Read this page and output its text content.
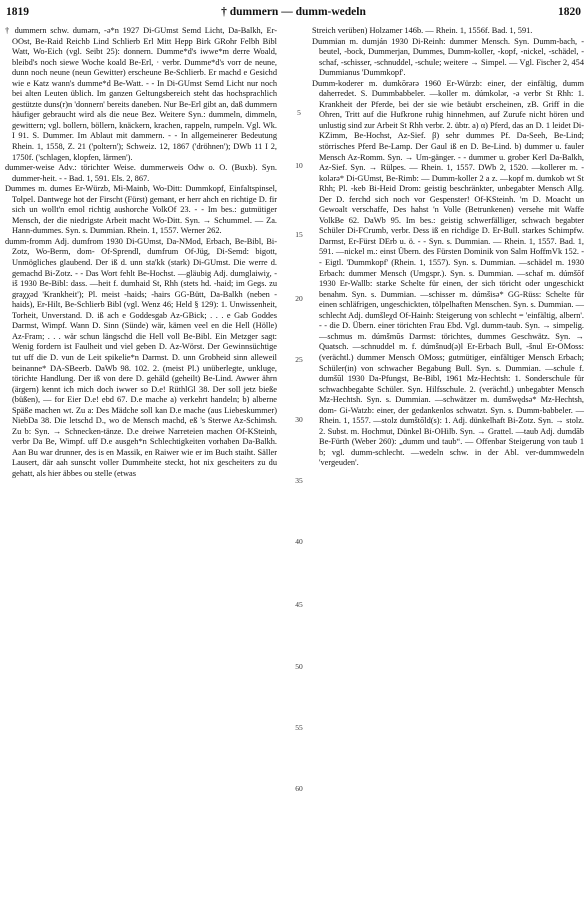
1819	† dummern — dumm-wedeln	1820

† dummern schw. dumərn, -ə*n 1927 Di-GUmst Semd Licht, Da-Balkh, Er-OOst, Be-Raid Reichb Lind Schlierb Erl Mitt Hepp Birk GRohr Felbh Bibl Watt, Wo-Eich (vgl. Seibt 25): donnern. Dumme*d's iwwe*m derre Woald, bleibd's noch siewe Woche koald Be-Erl, · verbr. Dumme*d's vorr de neune, dunn noch neune (neun Gewitter) erscheune Be-Schlierb. Er machd e Gesichd wie e Katz wann's dumme*d Be-Watt. - - In Di-GUmst Semd Licht nur noch bei alten Leuten üblich. Im ganzen Geltungsbereich steht das hochsprachlich gestützte duns(r)n 'donnern' bereits daneben. Nur Be-Erl gibt an, daß dummern häufiger gebraucht wird als die neue Bez. Weitere Syn.: dummeln, dimmeln, gewittern; vgl. bollern, böllern, knäckern, krachen, rappeln, rumpeln. Vgl. Wk. I 91. S. Dummer. Im Ablaut mit dammern. - - In allgemeinerer Bedeutung Rhein. 1, 1558, Z. 21 ('poltern'); Schweiz. 12, 1867 ('dröhnen'); DWb 11 I 2, 1750f. ('schlagen, klopfen, lärmen').

dummer-weise Adv.: törichter Weise. dummerweis Odw o. O. (Buxb). Syn. dummer-heit. - - Bad. 1, 591. Els. 2, 867.

Dummes m. dumes Er-Würzb, Mi-Mainb, Wo-Ditt: Dummkopf, Einfaltspinsel, Tolpel. Dantwege hot der Firscht (Fürst) gemant, er herr ahch en richtige D. fir sich un wollt'n emol richtig aushorche VolkOf 23. - - Im bes.: gutmütiger Mensch, der die niedrigste Arbeit macht Wo-Ditt. Syn. → Schummel. — Za. Hann-dummes. Syn. s. Dummian. Rhein. 1, 1557. Werner 262.

dumm-fromm Adj. dumfrom 1930 Di-GUmst, Da-NMod, Erbach, Be-Bibl, Bi-Zotz, Wo-Berm, dom- Of-Sprendl, dumfrum Of-Jüg, Di-Semd: bigott, Unmögliches glaubend. Der iß d. unn sta'kk (stark) Di-GUmst. Die werre d. gemachd Bi-Zotz. - - Das Wort fehlt Be-Hochst. —gläubig Adj. dumglaiwiχ, -iš 1930 Be-Bibl: dass. —heit f. dumhaid St, Rhh (stets hd. -haid; im Gegs. zu graχχəd 'Krankheit'); Pl. meist -haids; -hairs GG-Bütt, Da-Balkh (neben -haids), Er-Hilt, Be-Schlierb Bibl (vgl. Wenz 46; Held § 129): 1. Unwissenheit, Torheit, Unverstand. D. iß ach e Goddesgab Az-GBick; . . . e Gab Goddes Darmst, Wimpf. Wann D. Sinn (Sünde) wär, kämen veel en die Hell (Hölle) Az-Fram; . . . wär schun längschd die Hell voll Be-Bibl. Ein Metzger sagt: Wenig fordern ist Faulheit und viel geben D. Az-Wörst. Der Gewinnsüchtige tut uff die D. vun de Leit spikelie*n Darmst. D. unn Grobheid sinn alleweil beinanne* DA-SBeerb. DaWb 98. 102. 2. (meist Pl.) unüberlegte, unkluge, törichte Handlung. Der iß von dere D. gehäld (geheilt) Be-Lind. Awwer ährn (ärgern) kennt ich mich doch iwwer so D.e! RüthlGl 38. Der soll jetz bieße (büßen), — for Eier D.e! ebd 67. D.e mache a) verkehrt handeln; b) alberne Späße machen wt. Zu a: Des Mädche soll kan D.e mache (aus Liebeskummer) NiebDa 38. Die letschd D., wo de Mensch machd, eß 's Sterwe Az-Schimsh. Zu b: Syn. → Schnecken-tänze. D.e dreiwe Narreteien machen Of-KSteinh, verbr Da Be, Wimpf. uff D.e ausgeh*n Schlechtigkeiten vorhaben Da-Balkh. Aan Bu war drunner, des is en Massik, en Raiwer wie er im Buch staiht. Säller Lausert, där aah sunscht voller Dummheite steckt, hot nix gescheiters zu du gehatt, als hier äbbes ou stelle (etwas

Streich verüben) Holzamer 146b. — Rhein. 1, 1556f. Bad. 1, 591.

Dummian m. dumján 1930 Di-Reinh: dummer Mensch. Syn. Dumm-bach, -beutel, -bock, Dummerjan, Dummes, Dumm-koller, -kopf, -nickel, -schädel, -schaf, -schisser, -schnuddel, -schule; weitere → Simpel. — Vgl. Fischer 2, 454 Dummianus 'Dummkopf'.

Dumm-koderer m. dumkōrərə 1960 Er-Würzb: einer, der einfältig, dumm daherredet. S. Dummbabbeler. —koller m. dúmkolər, -ə verbr St Rhh: 1. Krankheit der Pferde, bei der sie wie betäubt erscheinen, zB. Griff in die Ohren, Tritt auf die Hufkrone ruhig hinnehmen, auf Zurufe nicht hören und unlustig sind zur Arbeit St Rhh verbr. 2. übtr. a) α) Pferd, das an D. 1 leidet Di-KZimm, Be-Hochst, Az-Sief. β) sehr dummes Pf. Da-Seeh, Be-Lind; störrisches Pferd Be-Lamp. Der Gaul iß en D. Be-Lind. b) dummer u. fauler Mensch Az-Romm. Syn. → Um-gänger. - - dummer u. grober Kerl Da-Balkh, Az-Sief. Syn. → Rülpes. — Rhein. 1, 1557. DWb 2, 1520. —kollerer m. -kolərə* Di-GUmst, Be-Rimb: — Dumm-koller 2 a z. —kopf m. dumkob wt St Rhh; Pl. -keb Bi-Heid Drom: geistig beschränkter, unbegabter Mensch Allg. Der D. ferchd sich noch vor Gespenster! Of-KSteinh. 'm D. Moacht un Gewoalt verschaffe, Des hahst 'n Volle (Betrunkenen) versehe mit Waffe VolkBe 62. DaWb 95. Im bes.: geistig schwerfälliger, schwach begabter Schüler Di-FCrumb, verbr. Dess iß en richdige D. Er-Bull. starkes Schimpfw. Darmst, Er-Fürst DErb u. ö. - - Syn. s. Dummian. — Rhein. 1, 1557. Bad. 1, 591. —nickel m.: einst Übern. des Fürsten Dominik von Salm HoffmVk 152. - - Eigtl. 'Dummkopf' (Rhein. 1, 1557). Syn. s. Dummian. —schädel m. 1930 Erbach: dummer Mensch (Umgspr.). Syn. s. Dummian. —schaf m. dúmšōf 1930 Er-Wallb: starke Schelte für einen, der sich töricht oder ungeschickt benahm. Syn. s. Dummian. —schisser m. dúmšisə* GG-Rüss: Schelte für einen schläfrigen, ungeschickten, tölpelhaften Menschen. Syn. s. Dummian. —schlecht Adj. dumšleχd Of-Hainh: Steigerung von schlecht = 'einfältig, albern'. - - die D. Übern. einer törichten Frau Ebd. Vgl. dumm-taub. Syn. → simpelig. —schmus m. dúmšmūs Darmst: törichtes, dummes Geschwätz. Syn. → Quatsch. —schnuddel m. f. dúmšnud(ə)l Er-Erbach Bull, -šnul Er-OMoss: (verächtl.) dummer Mensch OMoss; gutmütiger, einfältiger Mensch Erbach; Schüler(in) von schwacher Begabung Bull. Syn. s. Dummian. —schule f. dumšūl 1930 Da-Pfungst, Be-Bibl, 1961 Mz-Hechtsh: 1. Sonderschule für schwachbegabte Schüler. Syn. Hilfsschule. 2. (verächtl.) unbegabter Mensch Mz-Hechtsh. Syn. s. Dummian. —schwätzer m. dumšwędsə* Mz-Hechtsh, dom- Gi-Watzb: einer, der gedankenlos schwatzt. Syn. s. Dumm-babbeler. — Rhein. 1, 1557. —stolz dumštōld(s): 1. Adj. dünkelhaft Bi-Zotz. Syn. → stolz. 2. Subst. m. Hochmut, Dünkel Bi-OHilb. Syn. → Grattel. —taub Adj. dumdāb Be-Fürth (Weber 260): „dumm und taub“. — Offenbar Steigerung von taub 1 b; vgl. dumm-schlecht. —wedeln schw. in der Abl. ver-dummwedeln 'vergeuden'.

5
10
15
20
25
30
35
40
45
50
55
60
